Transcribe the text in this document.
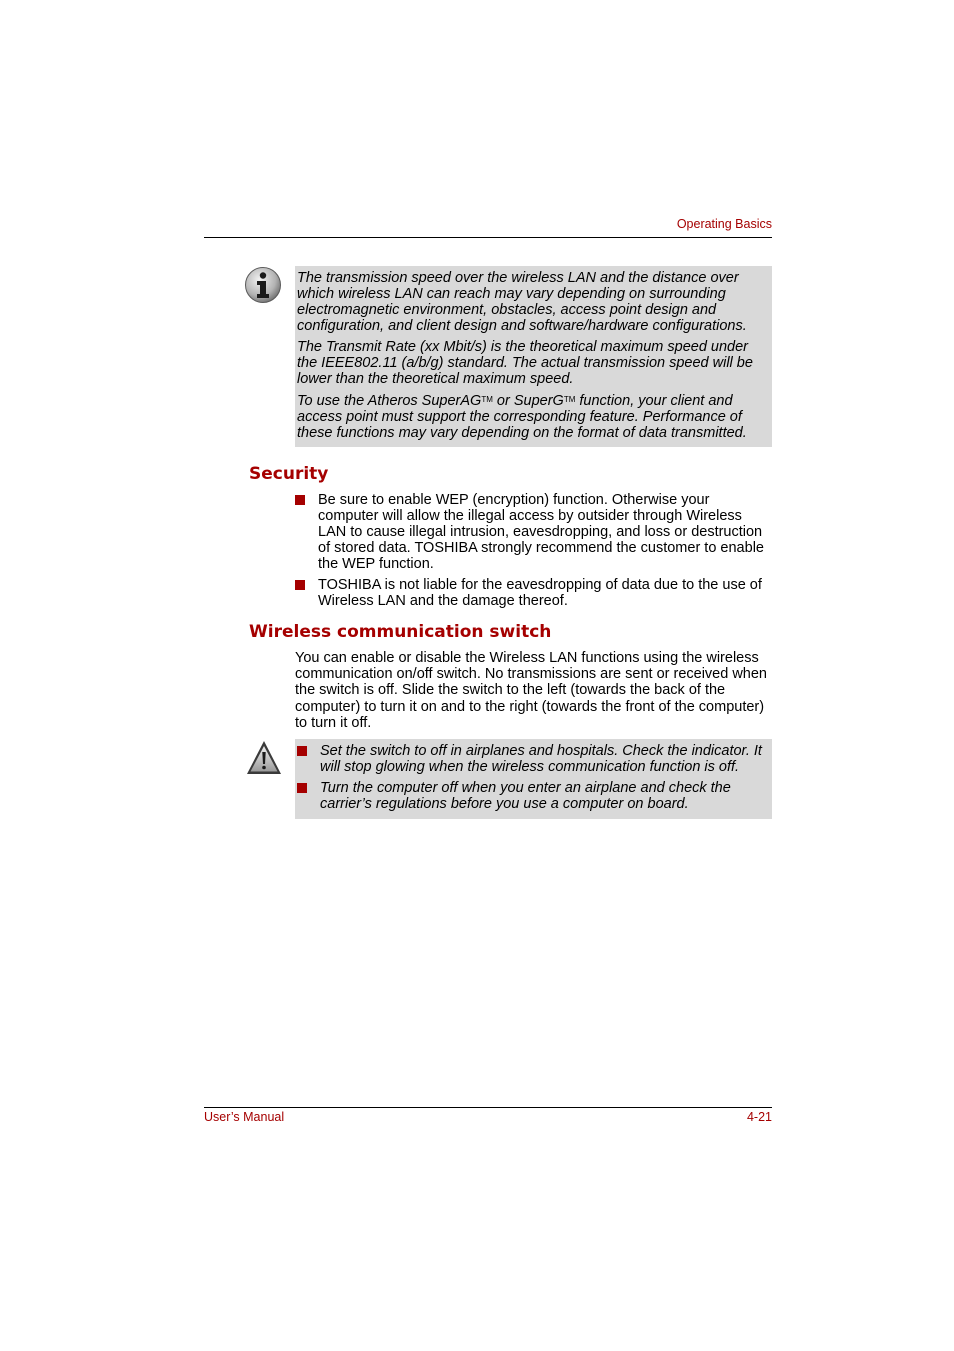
Operating Basics

The transmission speed over the wireless LAN and the distance over which wireless LAN can reach may vary depending on surrounding electromagnetic environment, obstacles, access point design and configuration, and client design and software/hardware configurations.

The Transmit Rate (xx Mbit/s) is the theoretical maximum speed under the IEEE802.11 (a/b/g) standard. The actual transmission speed will be lower than the theoretical maximum speed.

To use the Atheros SuperAG™ or SuperG™ function, your client and access point must support the corresponding feature. Performance of these functions may vary depending on the format of data transmitted.

Security
Be sure to enable WEP (encryption) function. Otherwise your computer will allow the illegal access by outsider through Wireless LAN to cause illegal intrusion, eavesdropping, and loss or destruction of stored data. TOSHIBA strongly recommend the customer to enable the WEP function.
TOSHIBA is not liable for the eavesdropping of data due to the use of Wireless LAN and the damage thereof.
Wireless communication switch

You can enable or disable the Wireless LAN functions using the wireless communication on/off switch. No transmissions are sent or received when the switch is off. Slide the switch to the left (towards the back of the computer) to turn it on and to the right (towards the front of the computer) to turn it off.

Set the switch to off in airplanes and hospitals. Check the indicator. It will stop glowing when the wireless communication function is off.
Turn the computer off when you enter an airplane and check the carrier’s regulations before you use a computer on board.
User’s Manual	4-21
